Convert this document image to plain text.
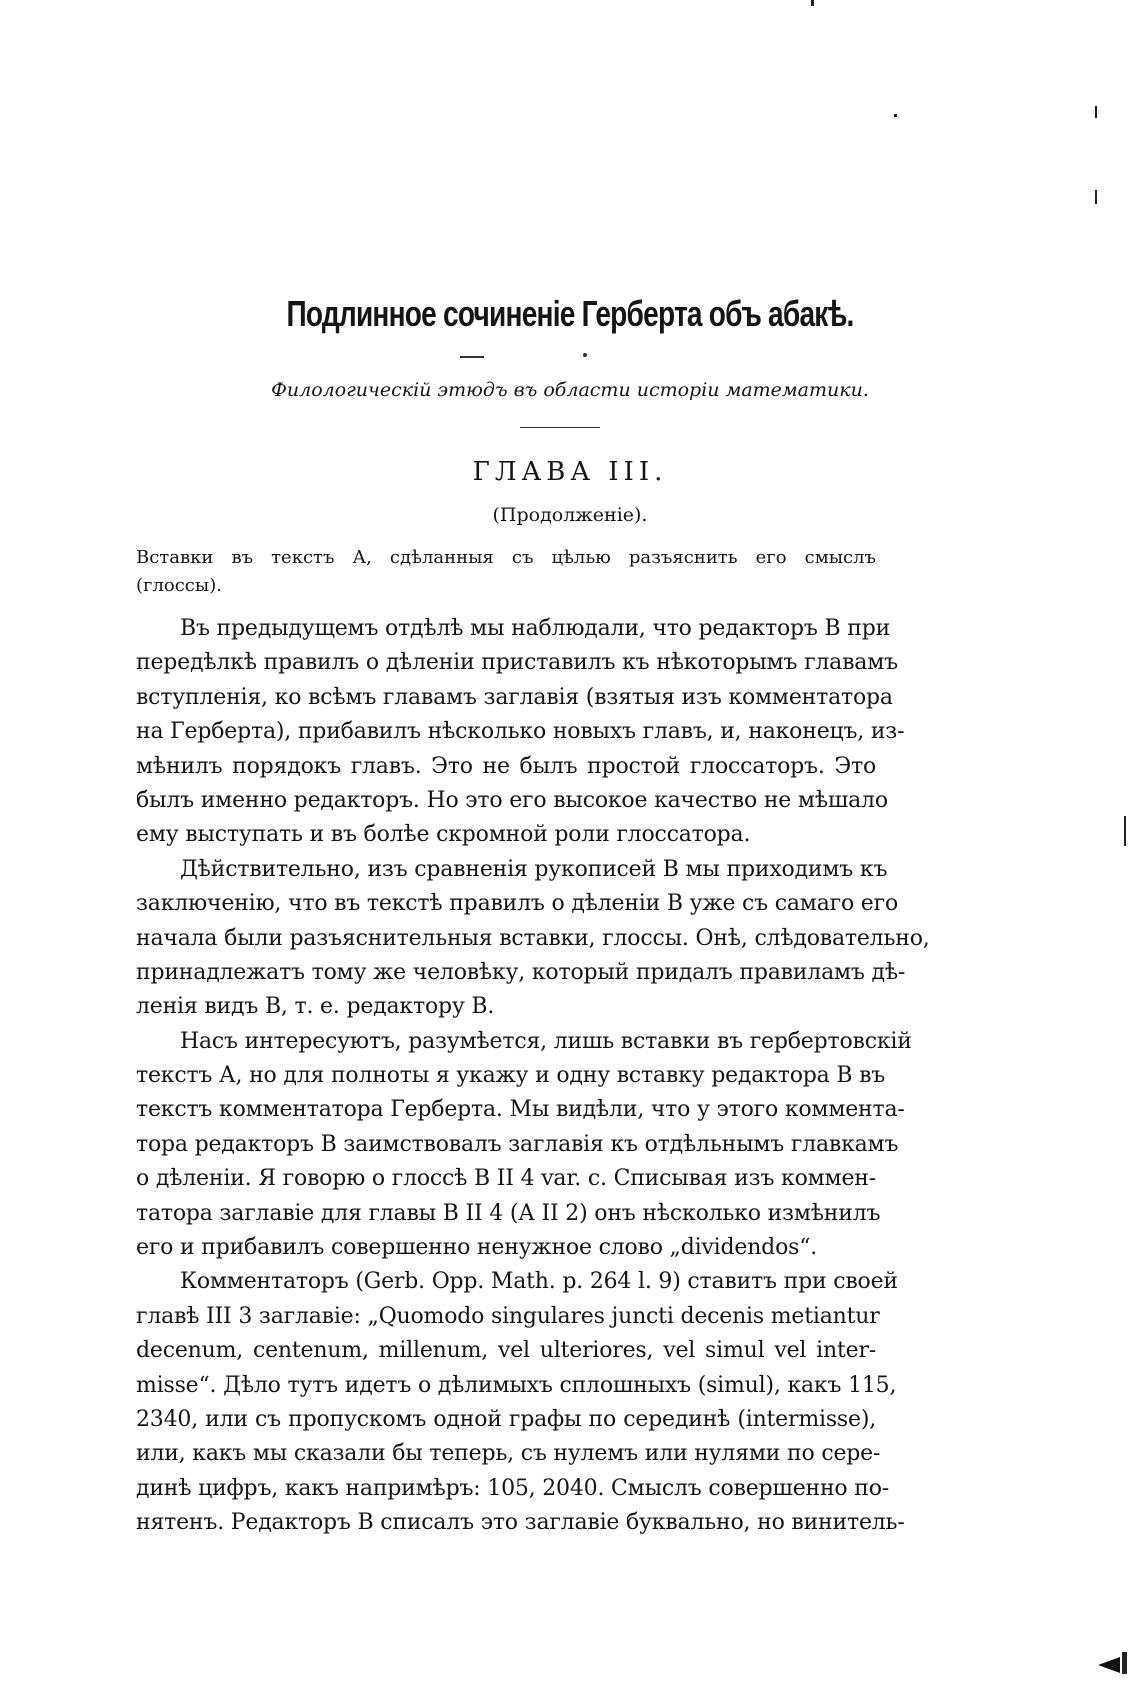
Подлинное сочиненіе Герберта объ абакѣ.
Филологическій этюдъ въ области исторіи математики.
ГЛАВА III.
(Продолженіе).
Вставки въ текстъ А, сдѣланныя съ цѣлью разъяснить его смыслъ
(глоссы).
Въ предыдущемъ отдѣлѣ мы наблюдали, что редакторъ В при
передѣлкѣ правилъ о дѣленіи приставилъ къ нѣкоторымъ главамъ
вступленія, ко всѣмъ главамъ заглавія (взятыя изъ комментатора
на Герберта), прибавилъ нѣсколько новыхъ главъ, и, наконецъ, из-
мѣнилъ порядокъ главъ. Это не былъ простой глоссаторъ. Это
былъ именно редакторъ. Но это его высокое качество не мѣшало
ему выступать и въ болѣе скромной роли глоссатора.
Дѣйствительно, изъ сравненія рукописей В мы приходимъ къ
заключенію, что въ текстѣ правилъ о дѣленіи В уже съ самаго его
начала были разъяснительныя вставки, глоссы. Онѣ, слѣдовательно,
принадлежатъ тому же человѣку, который придалъ правиламъ дѣ-
ленія видъ В, т. е. редактору В.
Насъ интересуютъ, разумѣется, лишь вставки въ гербертовскій
текстъ А, но для полноты я укажу и одну вставку редактора В въ
текстъ комментатора Герберта. Мы видѣли, что у этого коммента-
тора редакторъ В заимствовалъ заглавія къ отдѣльнымъ главкамъ
о дѣленіи. Я говорю о глоссѣ В II 4 var. c. Списывая изъ коммен-
татора заглавіе для главы В II 4 (А II 2) онъ нѣсколько измѣнилъ
его и прибавилъ совершенно ненужное слово „dividendos“.
Комментаторъ (Gerb. Opp. Math. p. 264 l. 9) ставитъ при своей
главѣ III 3 заглавіе: „Quomodo singulares juncti decenis metiantur
decenum, centenum, millenum, vel ulteriores, vel simul vel inter-
misse“. Дѣло тутъ идетъ о дѣлимыхъ сплошныхъ (simul), какъ 115,
2340, или съ пропускомъ одной графы по серединѣ (intermisse),
или, какъ мы сказали бы теперь, съ нулемъ или нулями по сере-
динѣ цифръ, какъ напримѣръ: 105, 2040. Смыслъ совершенно по-
нятенъ. Редакторъ В списалъ это заглавіе буквально, но винитель-
